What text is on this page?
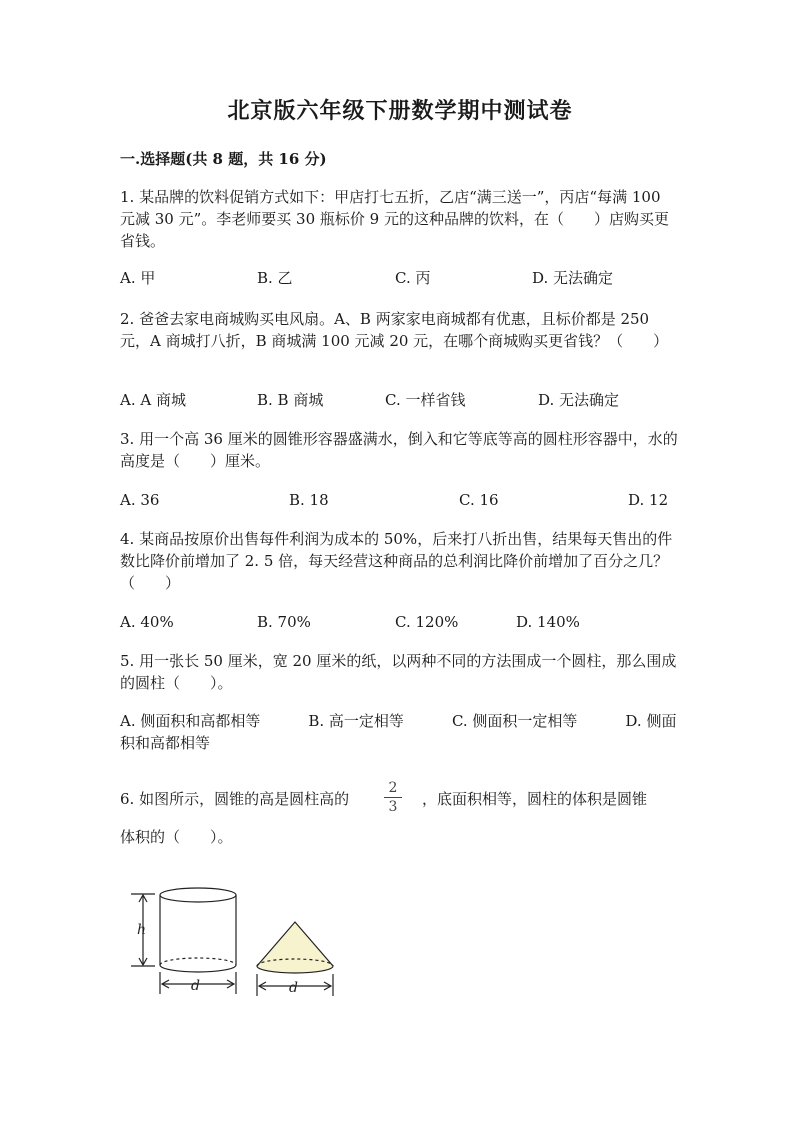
北京版六年级下册数学期中测试卷
一.选择题(共 8 题，共 16 分)
1. 某品牌的饮料促销方式如下：甲店打七五折，乙店“满三送一”，丙店“每满 100 元减 30 元”。李老师要买 30 瓶标价 9 元的这种品牌的饮料，在（　　）店购买更省钱。
A. 甲	B. 乙	C. 丙	D. 无法确定
2. 爸爸去家电商城购买电风扇。A、B 两家家电商城都有优惠，且标价都是 250 元，A 商城打八折，B 商城满 100 元减 20 元，在哪个商城购买更省钱？（　　）
A. A 商城	B. B 商城	C. 一样省钱	D. 无法确定
3. 用一个高 36 厘米的圆锥形容器盛满水，倒入和它等底等高的圆柱形容器中，水的高度是（　　）厘米。
A. 36	B. 18	C. 16	D. 12
4. 某商品按原价出售每件利润为成本的 50%，后来打八折出售，结果每天售出的件数比降价前增加了 2. 5 倍，每天经营这种商品的总利润比降价前增加了百分之几？（　　）
A. 40%	B. 70%	C. 120%	D. 140%
5. 用一张长 50 厘米，宽 20 厘米的纸，以两种不同的方法围成一个圆柱，那么围成的圆柱（　　）。
A. 侧面积和高都相等	B. 高一定相等	C. 侧面积一定相等	D. 侧面积和高都相等
6. 如图所示，圆锥的高是圆柱高的	，底面积相等，圆柱的体积是圆锥
2
3
体积的（　　）。
h
d	d
